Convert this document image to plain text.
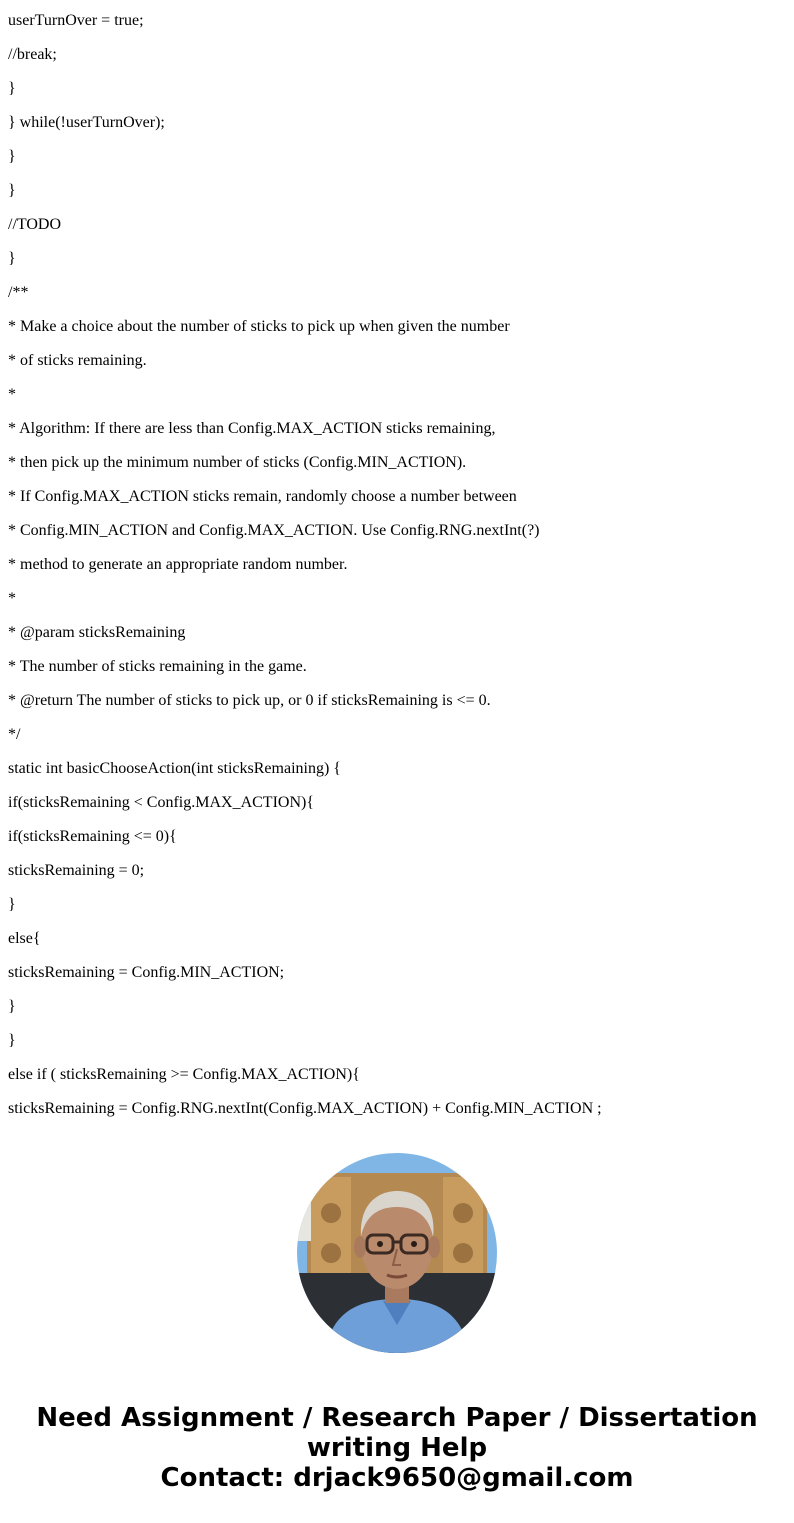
userTurnOver = true;
//break;
}
} while(!userTurnOver);
}
}
//TODO
}
/**
* Make a choice about the number of sticks to pick up when given the number
* of sticks remaining.
*
* Algorithm: If there are less than Config.MAX_ACTION sticks remaining,
* then pick up the minimum number of sticks (Config.MIN_ACTION).
* If Config.MAX_ACTION sticks remain, randomly choose a number between
* Config.MIN_ACTION and Config.MAX_ACTION. Use Config.RNG.nextInt(?)
* method to generate an appropriate random number.
*
* @param sticksRemaining
* The number of sticks remaining in the game.
* @return The number of sticks to pick up, or 0 if sticksRemaining is <= 0.
*/
static int basicChooseAction(int sticksRemaining) {
if(sticksRemaining < Config.MAX_ACTION){
if(sticksRemaining <= 0){
sticksRemaining = 0;
}
else{
sticksRemaining = Config.MIN_ACTION;
}
}
else if ( sticksRemaining >= Config.MAX_ACTION){
sticksRemaining = Config.RNG.nextInt(Config.MAX_ACTION) + Config.MIN_ACTION ;
Need Assignment / Research Paper / Dissertation
writing Help
Contact: drjack9650@gmail.com
